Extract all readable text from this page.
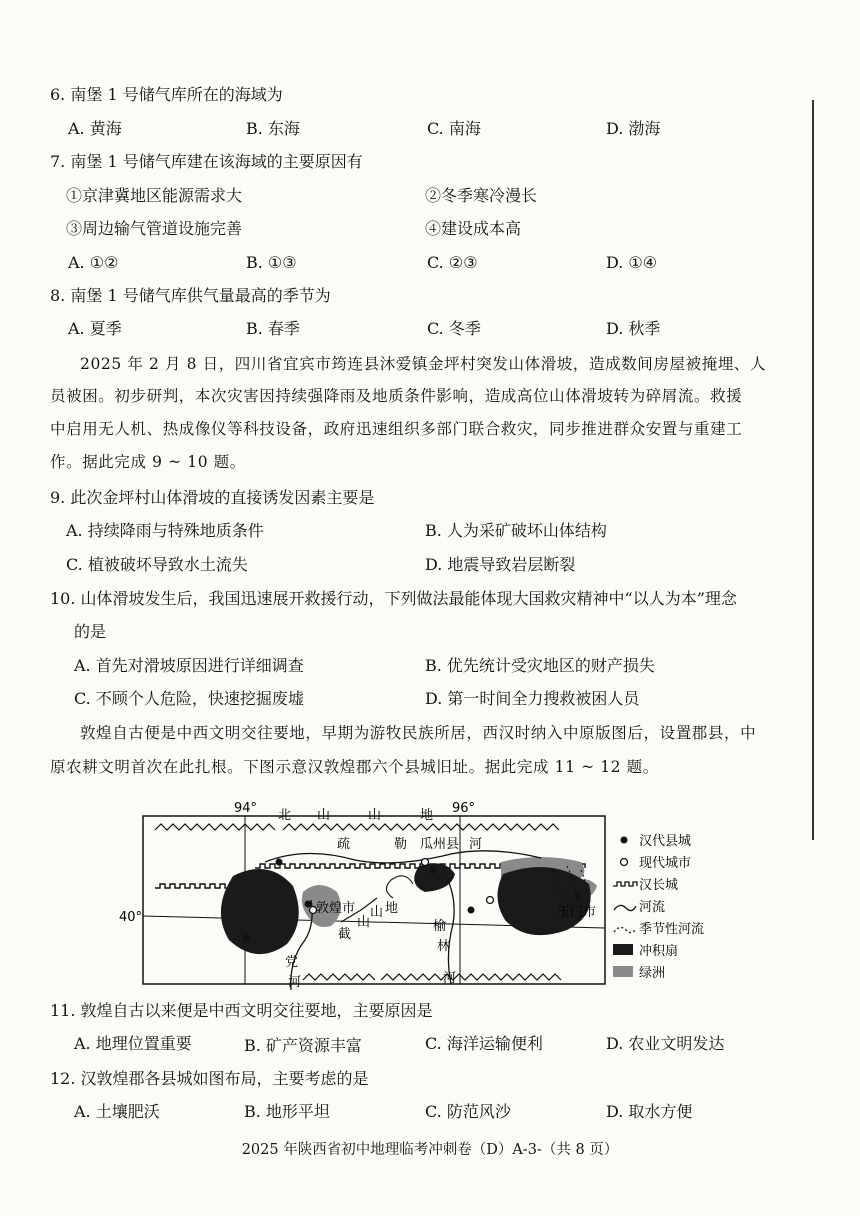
6. 南堡 1 号储气库所在的海域为
A. 黄海	B. 东海	C. 南海	D. 渤海
7. 南堡 1 号储气库建在该海域的主要原因有
①京津冀地区能源需求大	②冬季寒冷漫长
③周边输气管道设施完善	④建设成本高
A. ①②	B. ①③	C. ②③	D. ①④
8. 南堡 1 号储气库供气量最高的季节为
A. 夏季	B. 春季	C. 冬季	D. 秋季
2025 年 2 月 8 日，四川省宜宾市筠连县沐爱镇金坪村突发山体滑坡，造成数间房屋被掩埋、人
员被困。初步研判，本次灾害因持续强降雨及地质条件影响，造成高位山体滑坡转为碎屑流。救援
中启用无人机、热成像仪等科技设备，政府迅速组织多部门联合救灾，同步推进群众安置与重建工
作。据此完成 9 ~ 10 题。
9. 此次金坪村山体滑坡的直接诱发因素主要是
A. 持续降雨与特殊地质条件	B. 人为采矿破坏山体结构
C. 植被破坏导致水土流失	D. 地震导致岩层断裂
10. 山体滑坡发生后，我国迅速展开救援行动，下列做法最能体现大国救灾精神中“以人为本”理念
的是
A. 首先对滑坡原因进行详细调查	B. 优先统计受灾地区的财产损失
C. 不顾个人危险，快速挖掘废墟	D. 第一时间全力搜救被困人员
敦煌自古便是中西文明交往要地，早期为游牧民族所居，西汉时纳入中原版图后，设置郡县，中
原农耕文明首次在此扎根。下图示意汉敦煌郡六个县城旧址。据此完成 11 ~ 12 题。
94°	96°
40°
北 山	山	地
山 地
山
疏	勒	河
党
河
榆
林
河
截
瓜州县
敦煌市	玉门市
汉代县城
现代城市
汉长城
河流
季节性河流
冲积扇
绿洲
11. 敦煌自古以来便是中西文明交往要地，主要原因是
A. 地理位置重要	B. 矿产资源丰富	C. 海洋运输便利	D. 农业文明发达
12. 汉敦煌郡各县城如图布局，主要考虑的是
A. 土壤肥沃	B. 地形平坦	C. 防范风沙	D. 取水方便
2025 年陕西省初中地理临考冲刺卷（D）A-3-（共 8 页）
